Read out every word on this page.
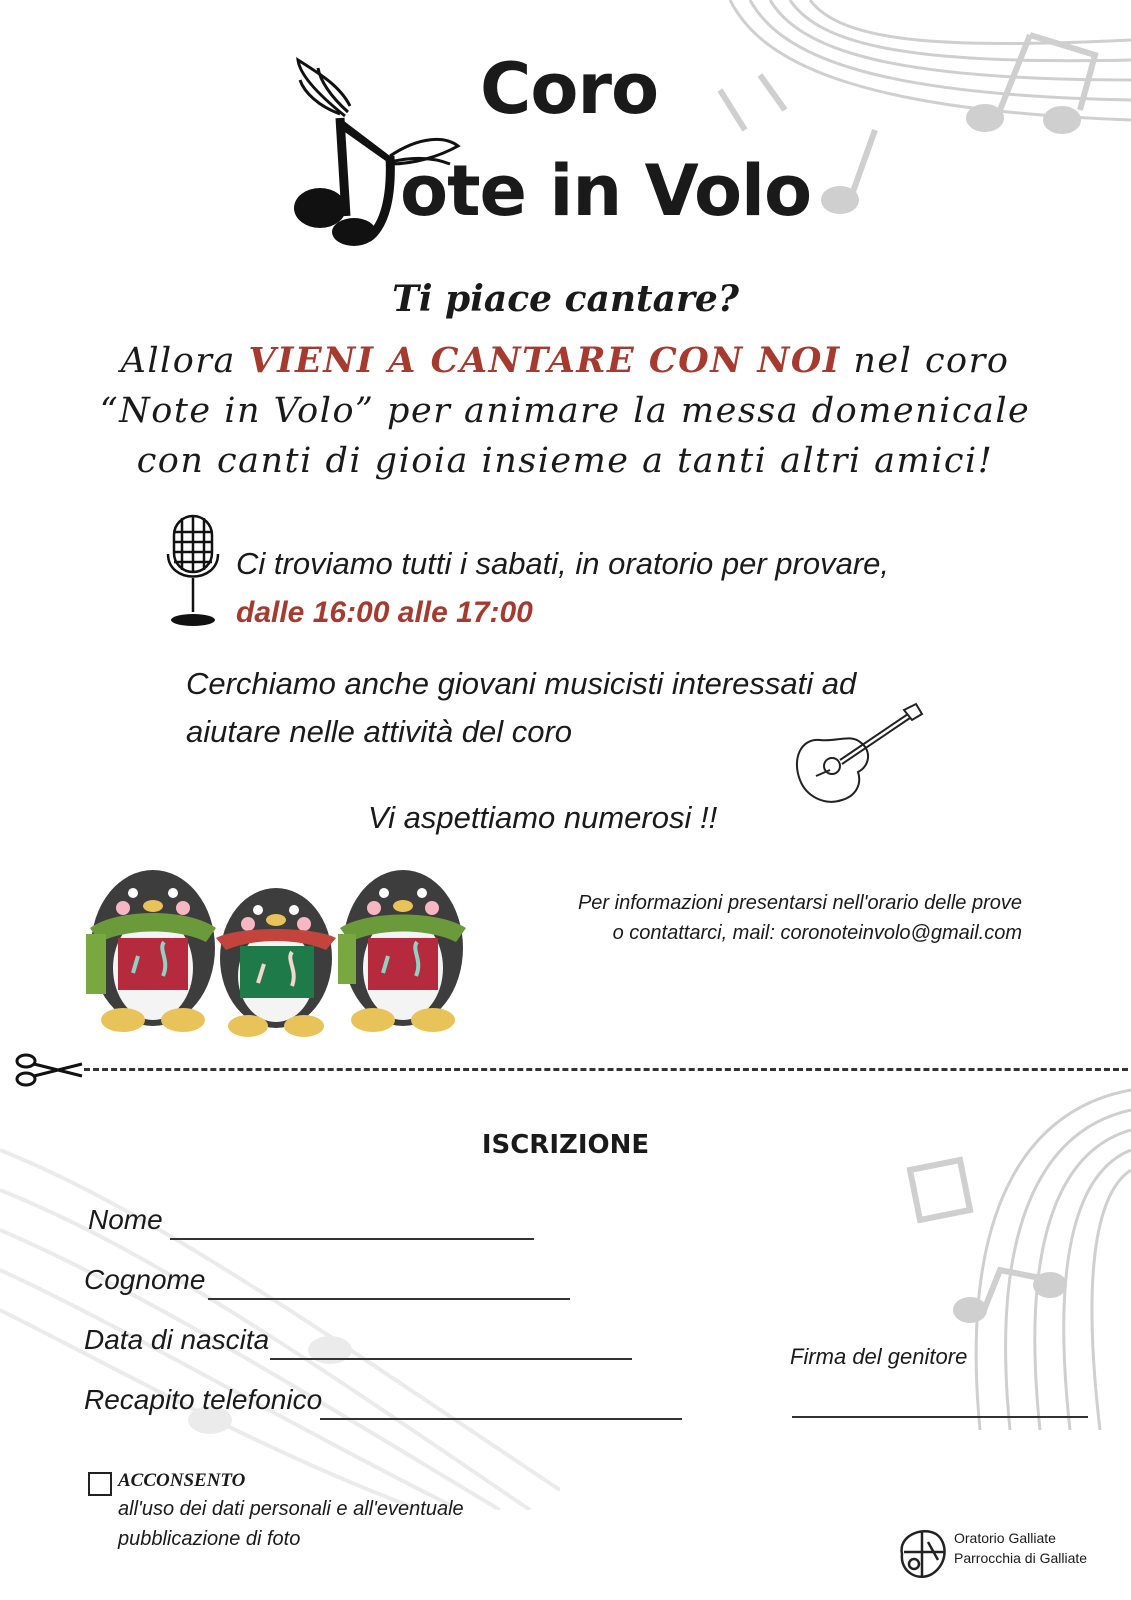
Coro
ote in Volo
Ti piace cantare?
Allora VIENI A CANTARE CON NOI nel coro “Note in Volo” per animare la messa domenicale con canti di gioia insieme a tanti altri amici!
Ci troviamo tutti i sabati, in oratorio per provare,
dalle 16:00 alle 17:00
Cerchiamo anche giovani musicisti interessati ad
aiutare nelle attività del coro
Vi aspettiamo numerosi !!
Per informazioni presentarsi nell'orario delle prove
o contattarci, mail: coronoteinvolo@gmail.com
ISCRIZIONE
Nome
Cognome
Data di nascita
Recapito telefonico
Firma del genitore
ACCONSENTO
all'uso dei dati personali e all'eventuale pubblicazione di foto	Oratorio Galliate
Parrocchia di Galliate
